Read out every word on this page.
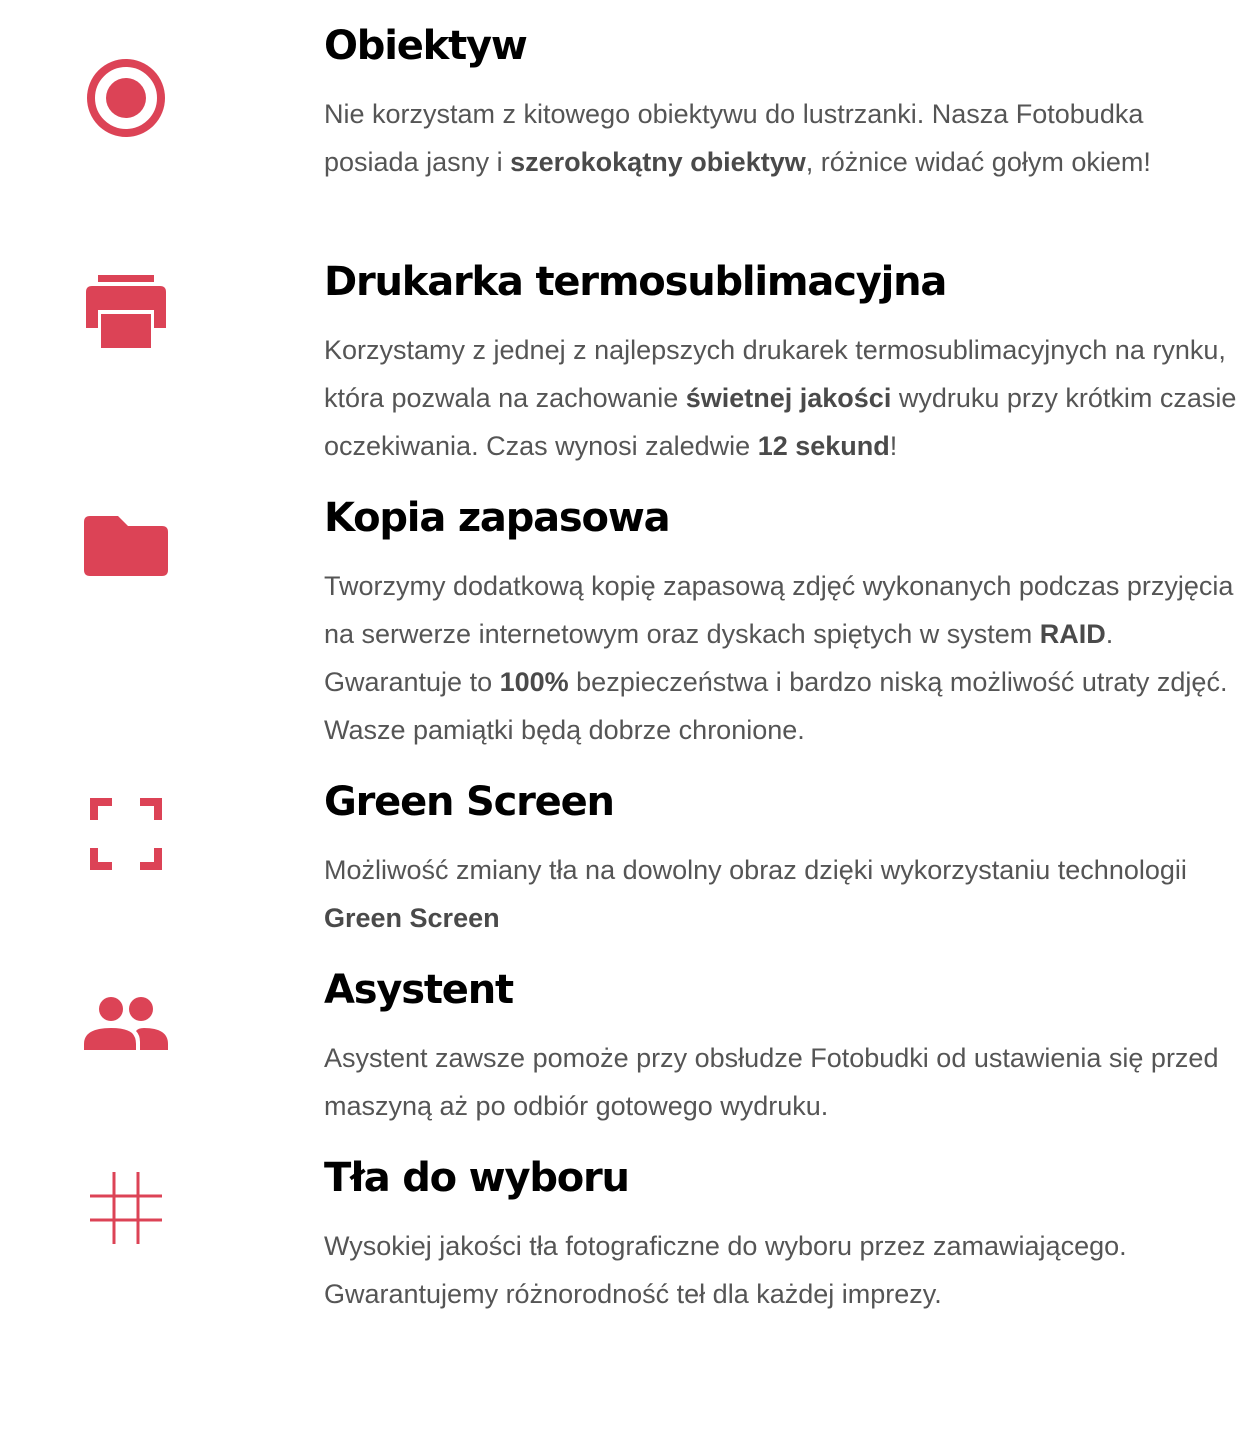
Obiektyw

Nie korzystam z kitowego obiektywu do lustrzanki. Nasza Fotobudka posiada jasny i szerokokątny obiektyw, różnice widać gołym okiem!

Drukarka termosublimacyjna

Korzystamy z jednej z najlepszych drukarek termosublimacyjnych na rynku, która pozwala na zachowanie świetnej jakości wydruku przy krótkim czasie oczekiwania. Czas wynosi zaledwie 12 sekund!

Kopia zapasowa

Tworzymy dodatkową kopię zapasową zdjęć wykonanych podczas przyjęcia na serwerze internetowym oraz dyskach spiętych w system RAID. Gwarantuje to 100% bezpieczeństwa i bardzo niską możliwość utraty zdjęć. Wasze pamiątki będą dobrze chronione.

Green Screen

Możliwość zmiany tła na dowolny obraz dzięki wykorzystaniu technologii Green Screen

Asystent

Asystent zawsze pomoże przy obsłudze Fotobudki od ustawienia się przed maszyną aż po odbiór gotowego wydruku.

Tła do wyboru

Wysokiej jakości tła fotograficzne do wyboru przez zamawiającego. Gwarantujemy różnorodność teł dla każdej imprezy.
